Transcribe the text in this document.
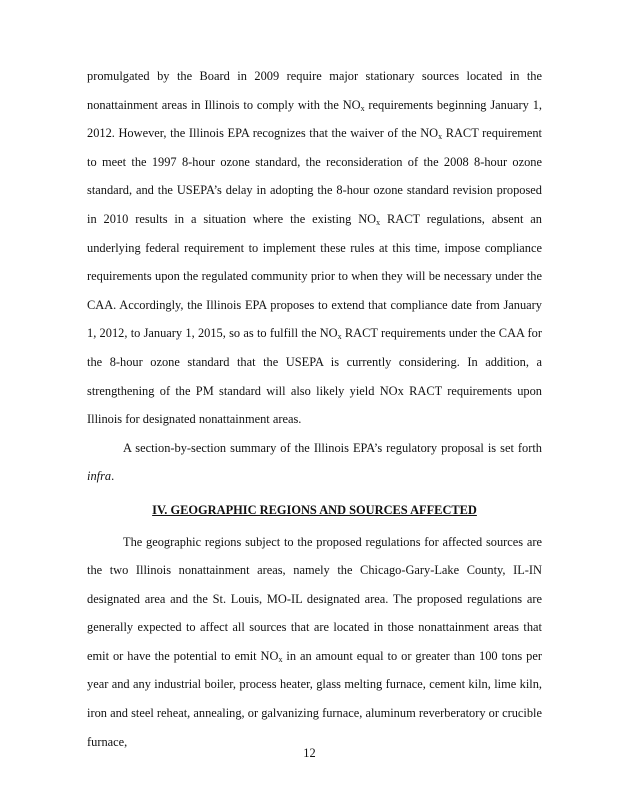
promulgated by the Board in 2009 require major stationary sources located in the nonattainment areas in Illinois to comply with the $NO_x$ requirements beginning January 1, 2012. However, the Illinois EPA recognizes that the waiver of the $NO_x$ RACT requirement to meet the 1997 8-hour ozone standard, the reconsideration of the 2008 8-hour ozone standard, and the USEPA’s delay in adopting the 8-hour ozone standard revision proposed in 2010 results in a situation where the existing $NO_x$ RACT regulations, absent an underlying federal requirement to implement these rules at this time, impose compliance requirements upon the regulated community prior to when they will be necessary under the CAA. Accordingly, the Illinois EPA proposes to extend that compliance date from January 1, 2012, to January 1, 2015, so as to fulfill the $NO_x$ RACT requirements under the CAA for the 8-hour ozone standard that the USEPA is currently considering. In addition, a strengthening of the PM standard will also likely yield NOx RACT requirements upon Illinois for designated nonattainment areas.

A section-by-section summary of the Illinois EPA’s regulatory proposal is set forth infra.

IV. GEOGRAPHIC REGIONS AND SOURCES AFFECTED

The geographic regions subject to the proposed regulations for affected sources are the two Illinois nonattainment areas, namely the Chicago-Gary-Lake County, IL-IN designated area and the St. Louis, MO-IL designated area. The proposed regulations are generally expected to affect all sources that are located in those nonattainment areas that emit or have the potential to emit $NO_x$ in an amount equal to or greater than 100 tons per year and any industrial boiler, process heater, glass melting furnace, cement kiln, lime kiln, iron and steel reheat, annealing, or galvanizing furnace, aluminum reverberatory or crucible furnace,

12
